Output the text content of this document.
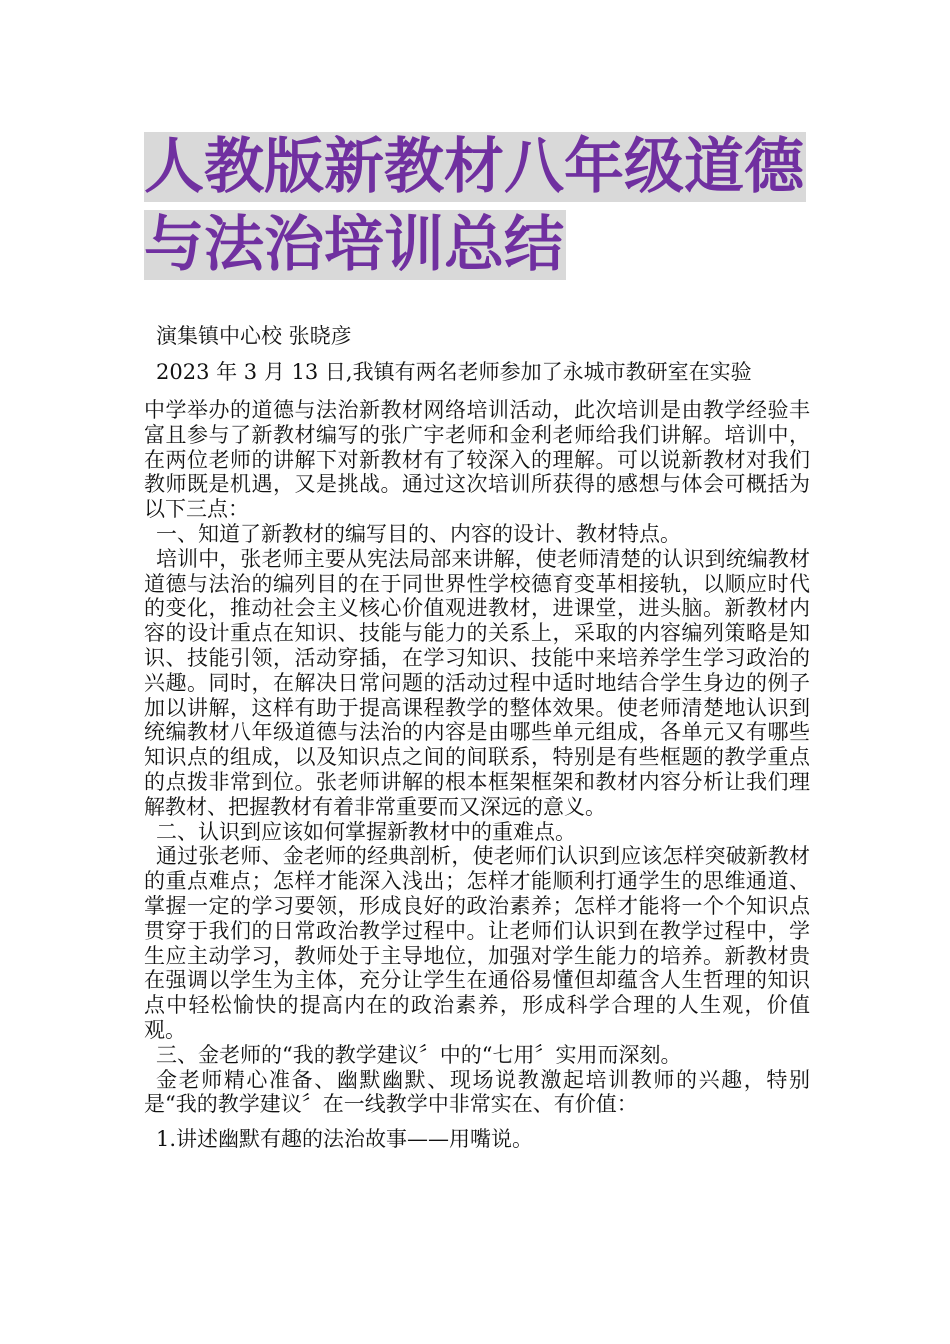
人教版新教材八年级道德与法治培训总结

演集镇中心校 张晓彦

2023 年 3 月 13 日,我镇有两名老师参加了永城市教研室在实验

中学举办的道德与法治新教材网络培训活动，此次培训是由教学经验丰富且参与了新教材编写的张广宇老师和金利老师给我们讲解。培训中，在两位老师的讲解下对新教材有了较深入的理解。可以说新教材对我们教师既是机遇，又是挑战。通过这次培训所获得的感想与体会可概括为以下三点：

一、知道了新教材的编写目的、内容的设计、教材特点。

培训中，张老师主要从宪法局部来讲解，使老师清楚的认识到统编教材道德与法治的编列目的在于同世界性学校德育变革相接轨，以顺应时代的变化，推动社会主义核心价值观进教材，进课堂，进头脑。新教材内容的设计重点在知识、技能与能力的关系上，采取的内容编列策略是知识、技能引领，活动穿插，在学习知识、技能中来培养学生学习政治的兴趣。同时，在解决日常问题的活动过程中适时地结合学生身边的例子加以讲解，这样有助于提高课程教学的整体效果。使老师清楚地认识到统编教材八年级道德与法治的内容是由哪些单元组成，各单元又有哪些知识点的组成，以及知识点之间的间联系，特别是有些框题的教学重点的点拨非常到位。张老师讲解的根本框架框架和教材内容分析让我们理解教材、把握教材有着非常重要而又深远的意义。

二、认识到应该如何掌握新教材中的重难点。

通过张老师、金老师的经典剖析，使老师们认识到应该怎样突破新教材的重点难点；怎样才能深入浅出；怎样才能顺利打通学生的思维通道、掌握一定的学习要领，形成良好的政治素养；怎样才能将一个个知识点贯穿于我们的日常政治教学过程中。让老师们认识到在教学过程中，学生应主动学习，教师处于主导地位，加强对学生能力的培养。新教材贵在强调以学生为主体，充分让学生在通俗易懂但却蕴含人生哲理的知识点中轻松愉快的提高内在的政治素养，形成科学合理的人生观，价值观。

三、金老师的“我的教学建议〞中的“七用〞实用而深刻。

金老师精心准备、幽默幽默、现场说教激起培训教师的兴趣，特别是“我的教学建议〞在一线教学中非常实在、有价值：

1.讲述幽默有趣的法治故事——用嘴说。
